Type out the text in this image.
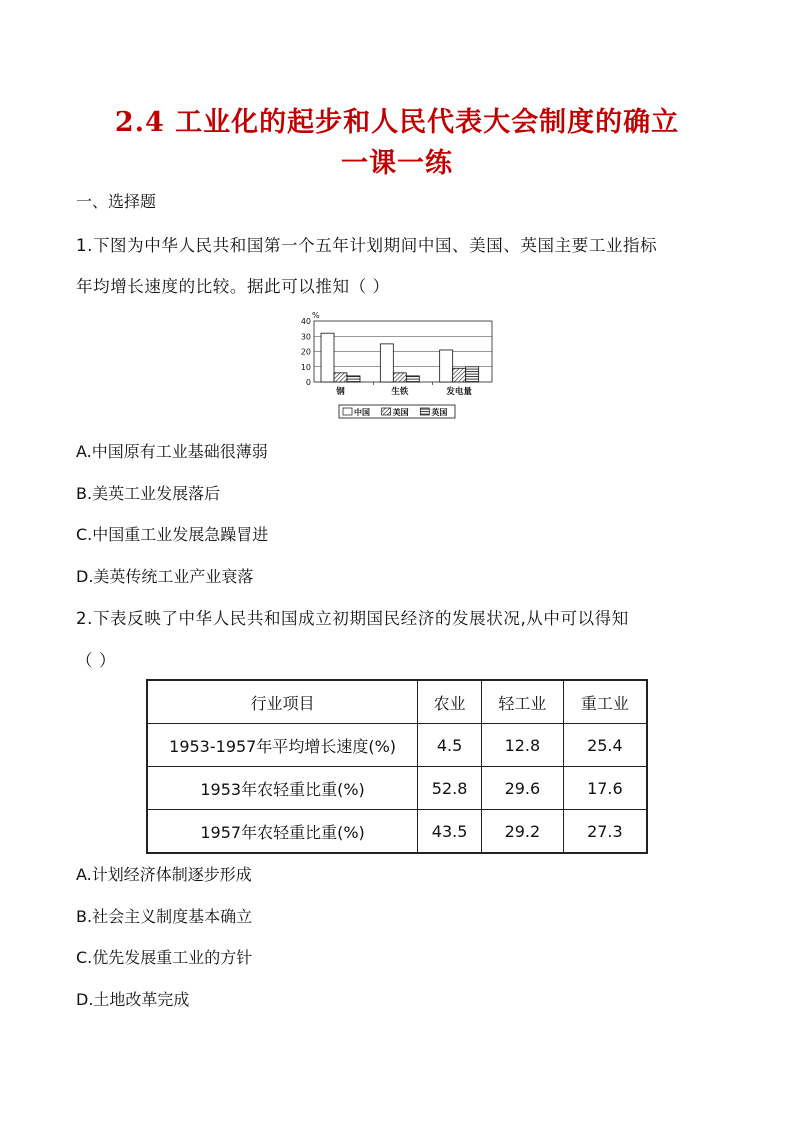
2.4 工业化的起步和人民代表大会制度的确立
一课一练
一、选择题
1.下图为中华人民共和国第一个五年计划期间中国、美国、英国主要工业指标
年均增长速度的比较。据此可以推知（ ）
0
10
20
30
40
%
钢	生铁	发电量
中国	美国	英国
A.中国原有工业基础很薄弱
B.美英工业发展落后
C.中国重工业发展急躁冒进
D.美英传统工业产业衰落
2.下表反映了中华人民共和国成立初期国民经济的发展状况,从中可以得知
（ ）
行业项目	农业	轻工业	重工业
1953-1957年平均增长速度(%)	4.5	12.8	25.4
1953年农轻重比重(%)	52.8	29.6	17.6
1957年农轻重比重(%)	43.5	29.2	27.3
A.计划经济体制逐步形成
B.社会主义制度基本确立
C.优先发展重工业的方针
D.土地改革完成
